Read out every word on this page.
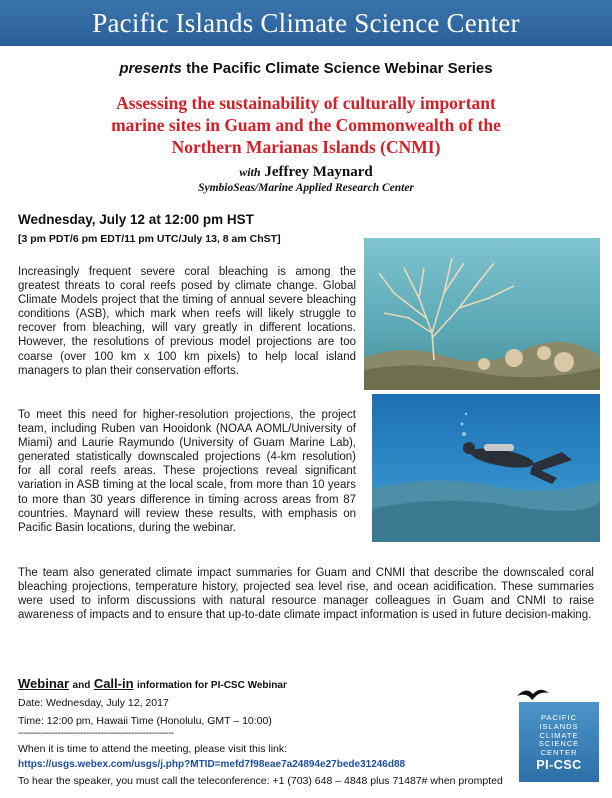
Pacific Islands Climate Science Center
presents the Pacific Climate Science Webinar Series
Assessing the sustainability of culturally important
marine sites in Guam and the Commonwealth of the
Northern Marianas Islands (CNMI)
with Jeffrey Maynard
SymbioSeas/Marine Applied Research Center
Wednesday, July 12 at 12:00 pm HST
[3 pm PDT/6 pm EDT/11 pm UTC/July 13, 8 am ChST]
Increasingly frequent severe coral bleaching is among the greatest threats to coral reefs posed by climate change. Global Climate Models project that the timing of annual severe bleaching conditions (ASB), which mark when reefs will likely struggle to recover from bleaching, will vary greatly in different locations. However, the resolutions of previous model projections are too coarse (over 100 km x 100 km pixels) to help local island managers to plan their conservation efforts.
To meet this need for higher-resolution projections, the project team, including Ruben van Hooidonk (NOAA AOML/University of Miami) and Laurie Raymundo (University of Guam Marine Lab), generated statistically downscaled projections (4-km resolution) for all coral reefs areas. These projections reveal significant variation in ASB timing at the local scale, from more than 10 years to more than 30 years difference in timing across areas from 87 countries. Maynard will review these results, with emphasis on Pacific Basin locations, during the webinar.
The team also generated climate impact summaries for Guam and CNMI that describe the downscaled coral bleaching projections, temperature history, projected sea level rise, and ocean acidification. These summaries were used to inform discussions with natural resource manager colleagues in Guam and CNMI to raise awareness of impacts and to ensure that up-to-date climate impact information is used in future decision-making.
Webinar and Call-in information for PI-CSC Webinar
Date: Wednesday, July 12, 2017
Time: 12:00 pm, Hawaii Time (Honolulu, GMT – 10:00)
-------------------------------------------------------
When it is time to attend the meeting, please visit this link:
https://usgs.webex.com/usgs/j.php?MTID=mefd7f98eae7a24894e27bede31246d88
To hear the speaker, you must call the teleconference: +1 (703) 648 – 4848 plus 71487# when prompted
PACIFIC
ISLANDS
CLIMATE
SCIENCE
CENTER
PI-CSC
